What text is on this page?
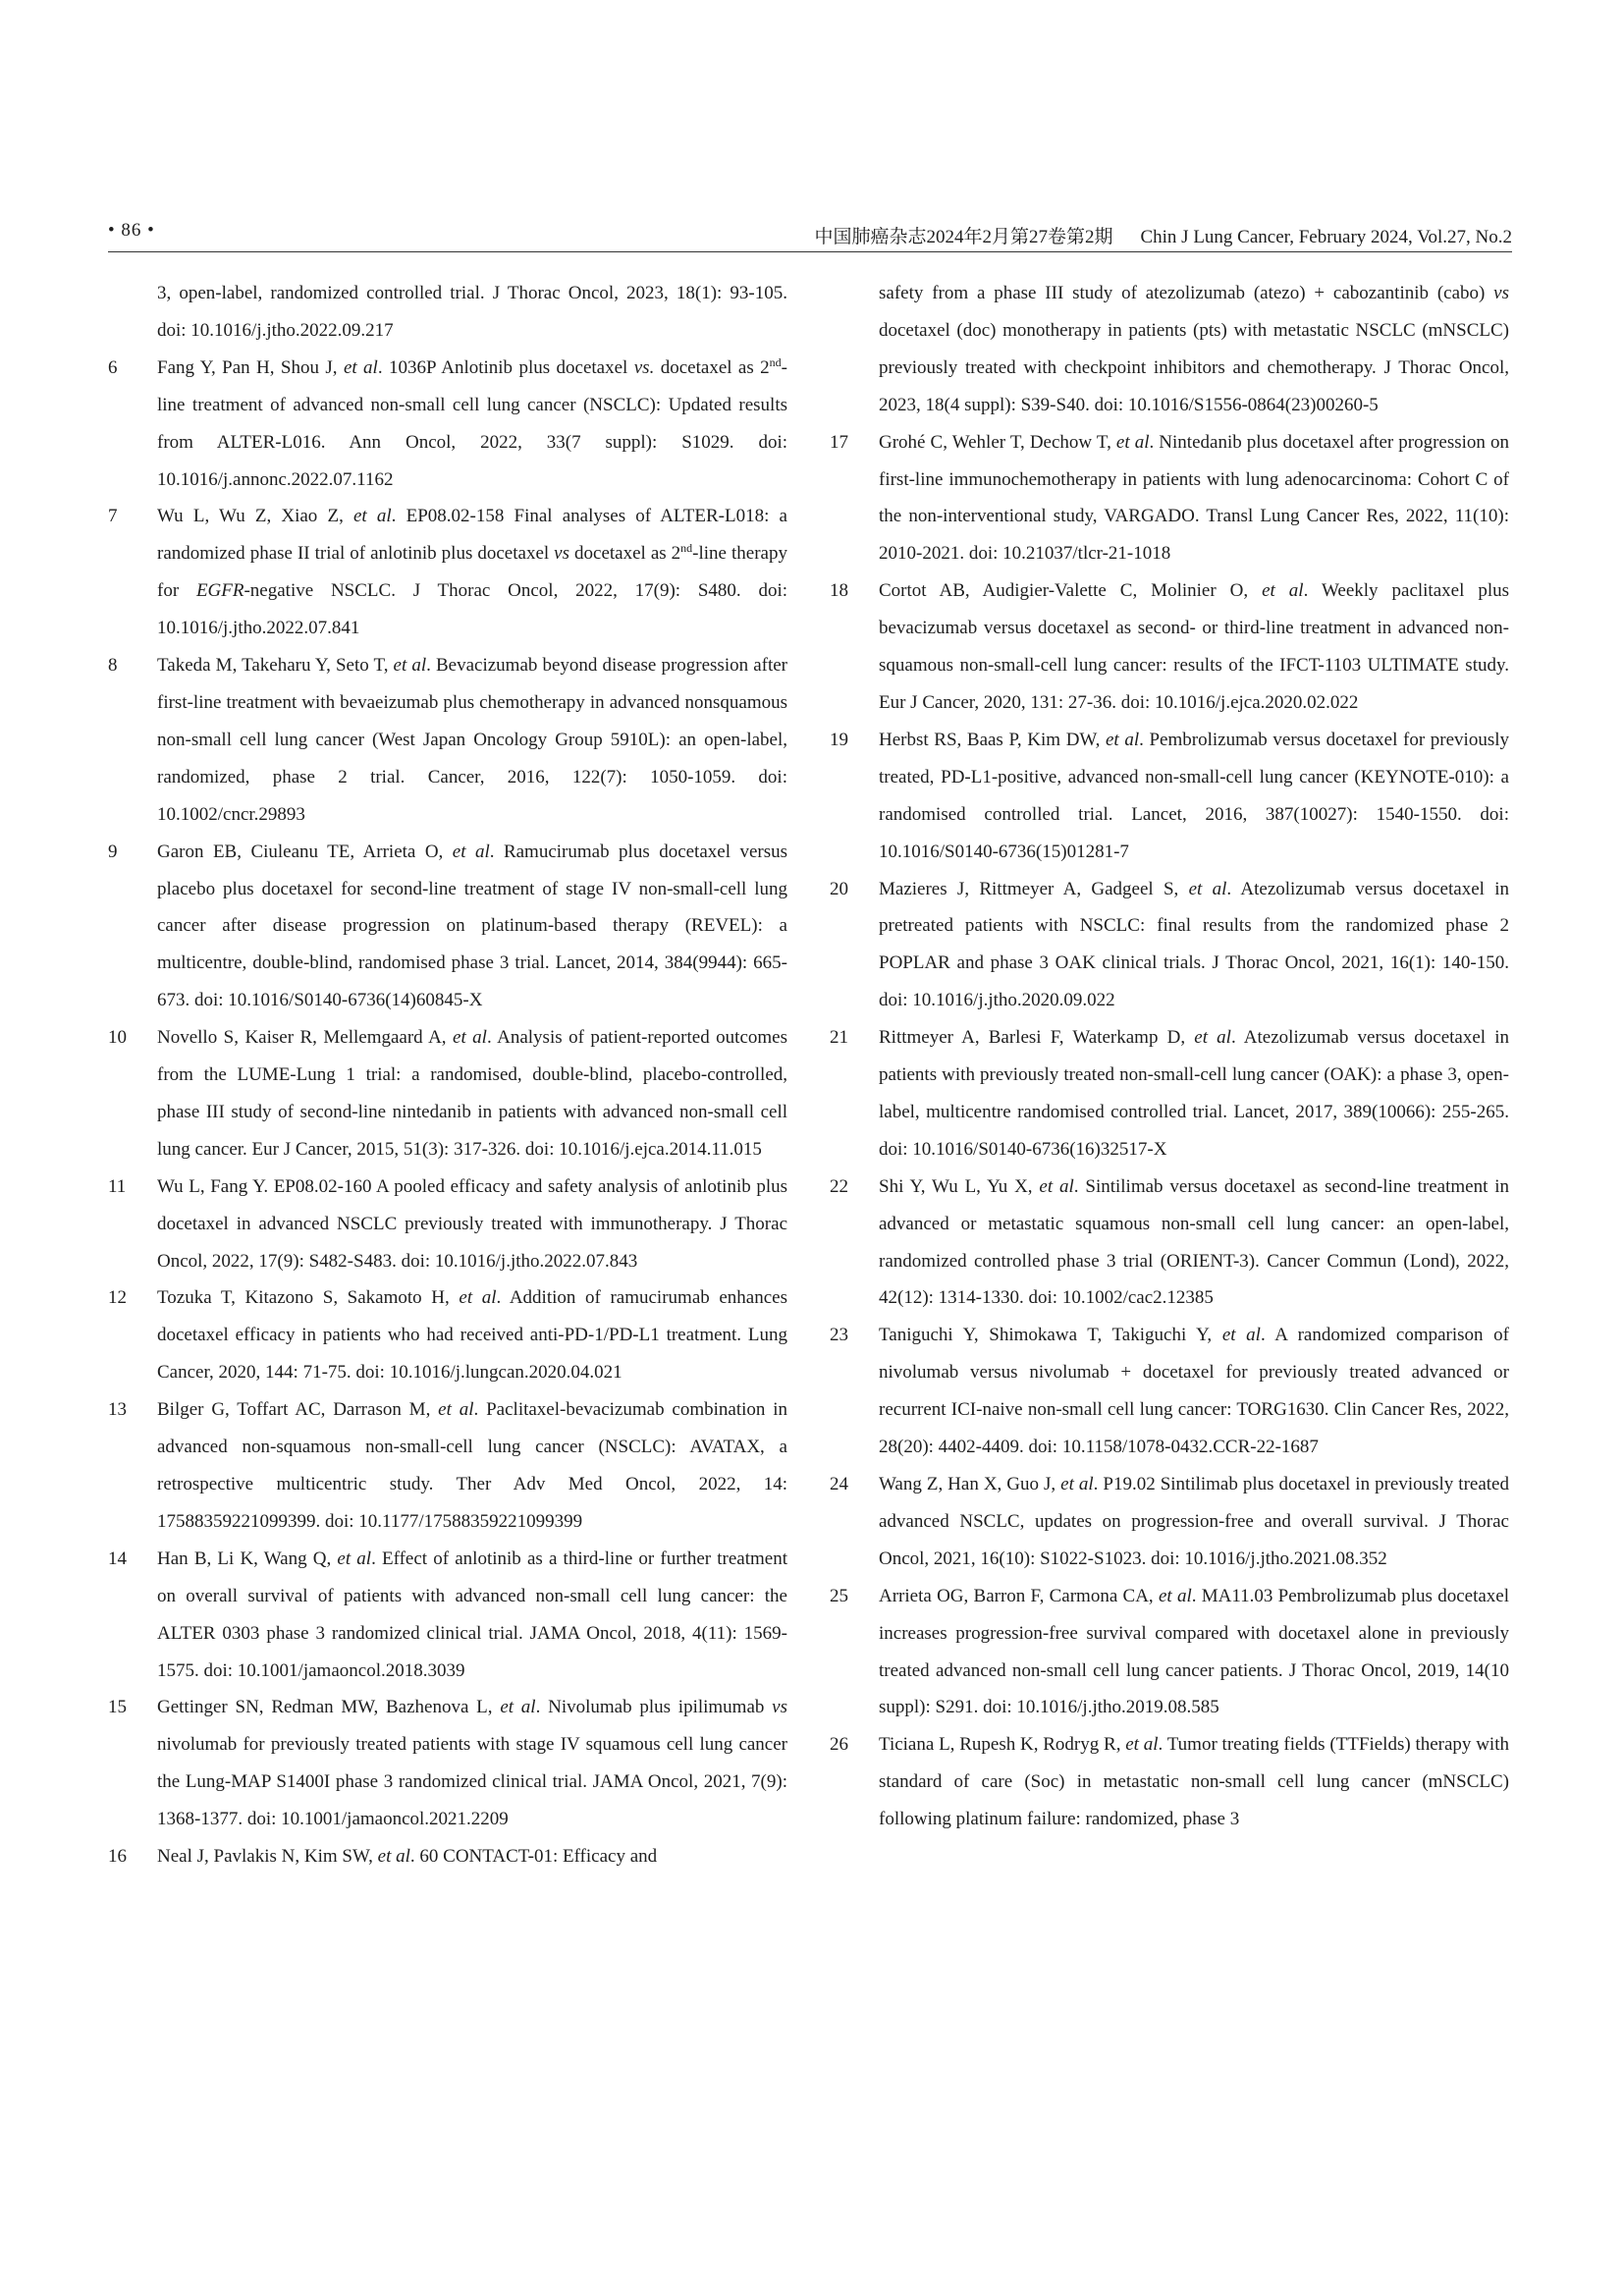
• 86 •	中国肺癌杂志2024年2月第27卷第2期 Chin J Lung Cancer, February 2024, Vol.27, No.2

3, open-label, randomized controlled trial. J Thorac Oncol, 2023, 18(1): 93-105. doi: 10.1016/j.jtho.2022.09.217

6	Fang Y, Pan H, Shou J, et al. 1036P Anlotinib plus docetaxel vs. docetaxel as 2nd-line treatment of advanced non-small cell lung cancer (NSCLC): Updated results from ALTER-L016. Ann Oncol, 2022, 33(7 suppl): S1029. doi: 10.1016/j.annonc.2022.07.1162

7	Wu L, Wu Z, Xiao Z, et al. EP08.02-158 Final analyses of ALTER-L018: a randomized phase II trial of anlotinib plus docetaxel vs docetaxel as 2nd-line therapy for EGFR-negative NSCLC. J Thorac Oncol, 2022, 17(9): S480. doi: 10.1016/j.jtho.2022.07.841

8	Takeda M, Takeharu Y, Seto T, et al. Bevacizumab beyond disease progression after first-line treatment with bevaeizumab plus chemotherapy in advanced nonsquamous non-small cell lung cancer (West Japan Oncology Group 5910L): an open-label, randomized, phase 2 trial. Cancer, 2016, 122(7): 1050-1059. doi: 10.1002/cncr.29893

9	Garon EB, Ciuleanu TE, Arrieta O, et al. Ramucirumab plus docetaxel versus placebo plus docetaxel for second-line treatment of stage IV non-small-cell lung cancer after disease progression on platinum-based therapy (REVEL): a multicentre, double-blind, randomised phase 3 trial. Lancet, 2014, 384(9944): 665-673. doi: 10.1016/S0140-6736(14)60845-X

10	Novello S, Kaiser R, Mellemgaard A, et al. Analysis of patient-reported outcomes from the LUME-Lung 1 trial: a randomised, double-blind, placebo-controlled, phase III study of second-line nintedanib in patients with advanced non-small cell lung cancer. Eur J Cancer, 2015, 51(3): 317-326. doi: 10.1016/j.ejca.2014.11.015

11	Wu L, Fang Y. EP08.02-160 A pooled efficacy and safety analysis of anlotinib plus docetaxel in advanced NSCLC previously treated with immunotherapy. J Thorac Oncol, 2022, 17(9): S482-S483. doi: 10.1016/j.jtho.2022.07.843

12	Tozuka T, Kitazono S, Sakamoto H, et al. Addition of ramucirumab enhances docetaxel efficacy in patients who had received anti-PD-1/PD-L1 treatment. Lung Cancer, 2020, 144: 71-75. doi: 10.1016/j.lungcan.2020.04.021

13	Bilger G, Toffart AC, Darrason M, et al. Paclitaxel-bevacizumab combination in advanced non-squamous non-small-cell lung cancer (NSCLC): AVATAX, a retrospective multicentric study. Ther Adv Med Oncol, 2022, 14: 17588359221099399. doi: 10.1177/17588359221099399

14	Han B, Li K, Wang Q, et al. Effect of anlotinib as a third-line or further treatment on overall survival of patients with advanced non-small cell lung cancer: the ALTER 0303 phase 3 randomized clinical trial. JAMA Oncol, 2018, 4(11): 1569-1575. doi: 10.1001/jamaoncol.2018.3039

15	Gettinger SN, Redman MW, Bazhenova L, et al. Nivolumab plus ipilimumab vs nivolumab for previously treated patients with stage IV squamous cell lung cancer the Lung-MAP S1400I phase 3 randomized clinical trial. JAMA Oncol, 2021, 7(9): 1368-1377. doi: 10.1001/jamaoncol.2021.2209

16	Neal J, Pavlakis N, Kim SW, et al. 60 CONTACT-01: Efficacy and

safety from a phase III study of atezolizumab (atezo) + cabozantinib (cabo) vs docetaxel (doc) monotherapy in patients (pts) with metastatic NSCLC (mNSCLC) previously treated with checkpoint inhibitors and chemotherapy. J Thorac Oncol, 2023, 18(4 suppl): S39-S40. doi: 10.1016/S1556-0864(23)00260-5

17	Grohé C, Wehler T, Dechow T, et al. Nintedanib plus docetaxel after progression on first-line immunochemotherapy in patients with lung adenocarcinoma: Cohort C of the non-interventional study, VARGADO. Transl Lung Cancer Res, 2022, 11(10): 2010-2021. doi: 10.21037/tlcr-21-1018

18	Cortot AB, Audigier-Valette C, Molinier O, et al. Weekly paclitaxel plus bevacizumab versus docetaxel as second- or third-line treatment in advanced non-squamous non-small-cell lung cancer: results of the IFCT-1103 ULTIMATE study. Eur J Cancer, 2020, 131: 27-36. doi: 10.1016/j.ejca.2020.02.022

19	Herbst RS, Baas P, Kim DW, et al. Pembrolizumab versus docetaxel for previously treated, PD-L1-positive, advanced non-small-cell lung cancer (KEYNOTE-010): a randomised controlled trial. Lancet, 2016, 387(10027): 1540-1550. doi: 10.1016/S0140-6736(15)01281-7

20	Mazieres J, Rittmeyer A, Gadgeel S, et al. Atezolizumab versus docetaxel in pretreated patients with NSCLC: final results from the randomized phase 2 POPLAR and phase 3 OAK clinical trials. J Thorac Oncol, 2021, 16(1): 140-150. doi: 10.1016/j.jtho.2020.09.022

21	Rittmeyer A, Barlesi F, Waterkamp D, et al. Atezolizumab versus docetaxel in patients with previously treated non-small-cell lung cancer (OAK): a phase 3, open-label, multicentre randomised controlled trial. Lancet, 2017, 389(10066): 255-265. doi: 10.1016/S0140-6736(16)32517-X

22	Shi Y, Wu L, Yu X, et al. Sintilimab versus docetaxel as second-line treatment in advanced or metastatic squamous non-small cell lung cancer: an open-label, randomized controlled phase 3 trial (ORIENT-3). Cancer Commun (Lond), 2022, 42(12): 1314-1330. doi: 10.1002/cac2.12385

23	Taniguchi Y, Shimokawa T, Takiguchi Y, et al. A randomized comparison of nivolumab versus nivolumab + docetaxel for previously treated advanced or recurrent ICI-naive non-small cell lung cancer: TORG1630. Clin Cancer Res, 2022, 28(20): 4402-4409. doi: 10.1158/1078-0432.CCR-22-1687

24	Wang Z, Han X, Guo J, et al. P19.02 Sintilimab plus docetaxel in previously treated advanced NSCLC, updates on progression-free and overall survival. J Thorac Oncol, 2021, 16(10): S1022-S1023. doi: 10.1016/j.jtho.2021.08.352

25	Arrieta OG, Barron F, Carmona CA, et al. MA11.03 Pembrolizumab plus docetaxel increases progression-free survival compared with docetaxel alone in previously treated advanced non-small cell lung cancer patients. J Thorac Oncol, 2019, 14(10 suppl): S291. doi: 10.1016/j.jtho.2019.08.585

26	Ticiana L, Rupesh K, Rodryg R, et al. Tumor treating fields (TTFields) therapy with standard of care (Soc) in metastatic non-small cell lung cancer (mNSCLC) following platinum failure: randomized, phase 3
